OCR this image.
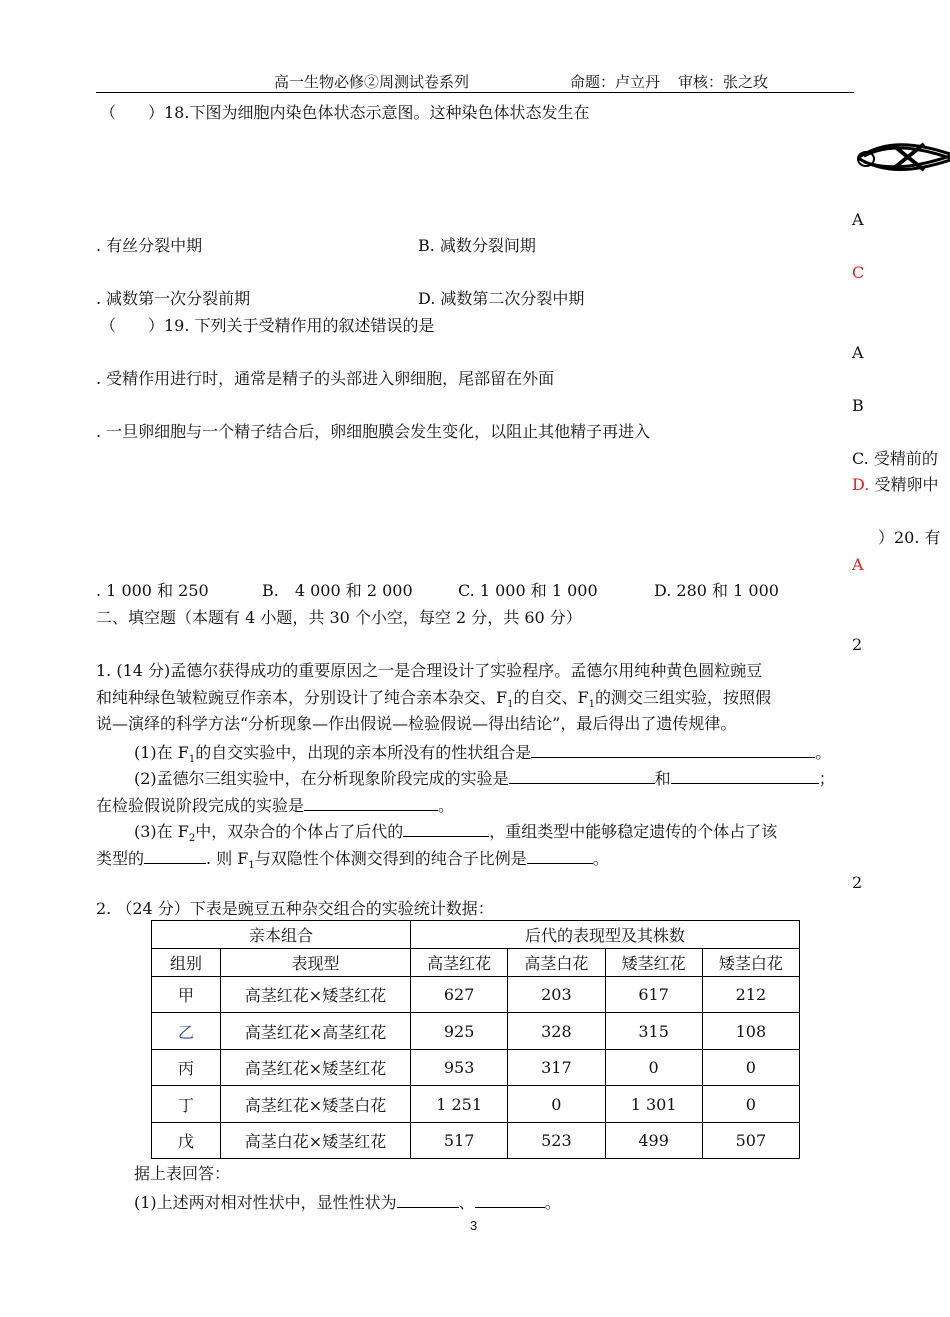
高一生物必修②周测试卷系列	命题：卢立丹 审核：张之玫
（　　）18.下图为细胞内染色体状态示意图。这种染色体状态发生在
. 有丝分裂中期	B. 减数分裂间期
. 减数第一次分裂前期	D. 减数第二次分裂中期
（　　）19. 下列关于受精作用的叙述错误的是
. 受精作用进行时，通常是精子的头部进入卵细胞，尾部留在外面
. 一旦卵细胞与一个精子结合后，卵细胞膜会发生变化，以阻止其他精子再进入
. 1 000 和 250	B.　4 000 和 2 000	C. 1 000 和 1 000	D. 280 和 1 000
A
C
A
B
C. 受精前的
D. 受精卵中
）20. 有
A
2
2
二、填空题（本题有 4 小题，共 30 个小空，每空 2 分，共 60 分）
1. (14 分)孟德尔获得成功的重要原因之一是合理设计了实验程序。孟德尔用纯种黄色圆粒豌豆
和纯种绿色皱粒豌豆作亲本，分别设计了纯合亲本杂交、$F_1$的自交、$F_1$的测交三组实验，按照假
说—演绎的科学方法“分析现象—作出假说—检验假说—得出结论”，最后得出了遗传规律。
(1)在 $F_1$的自交实验中，出现的亲本所没有的性状组合是	。
(2)孟德尔三组实验中，在分析现象阶段完成的实验是	和	；
在检验假说阶段完成的实验是	。
(3)在 $F_2$中，双杂合的个体占了后代的	，重组类型中能够稳定遗传的个体占了该
类型的	. 则 $F_1$与双隐性个体测交得到的纯合子比例是	。
2. （24 分）下表是豌豆五种杂交组合的实验统计数据：
亲本组合		后代的表现型及其株数			
组别	表现型	高茎红花	高茎白花	矮茎红花	矮茎白花
甲	高茎红花×矮茎红花	627	203	617	212
乙	高茎红花×高茎红花	925	328	315	108
丙	高茎红花×矮茎红花	953	317	0	0
丁	高茎红花×矮茎白花	1 251	0	1 301	0
戊	高茎白花×矮茎红花	517	523	499	507
据上表回答：
(1)上述两对相对性状中，显性性状为	、	。
3
